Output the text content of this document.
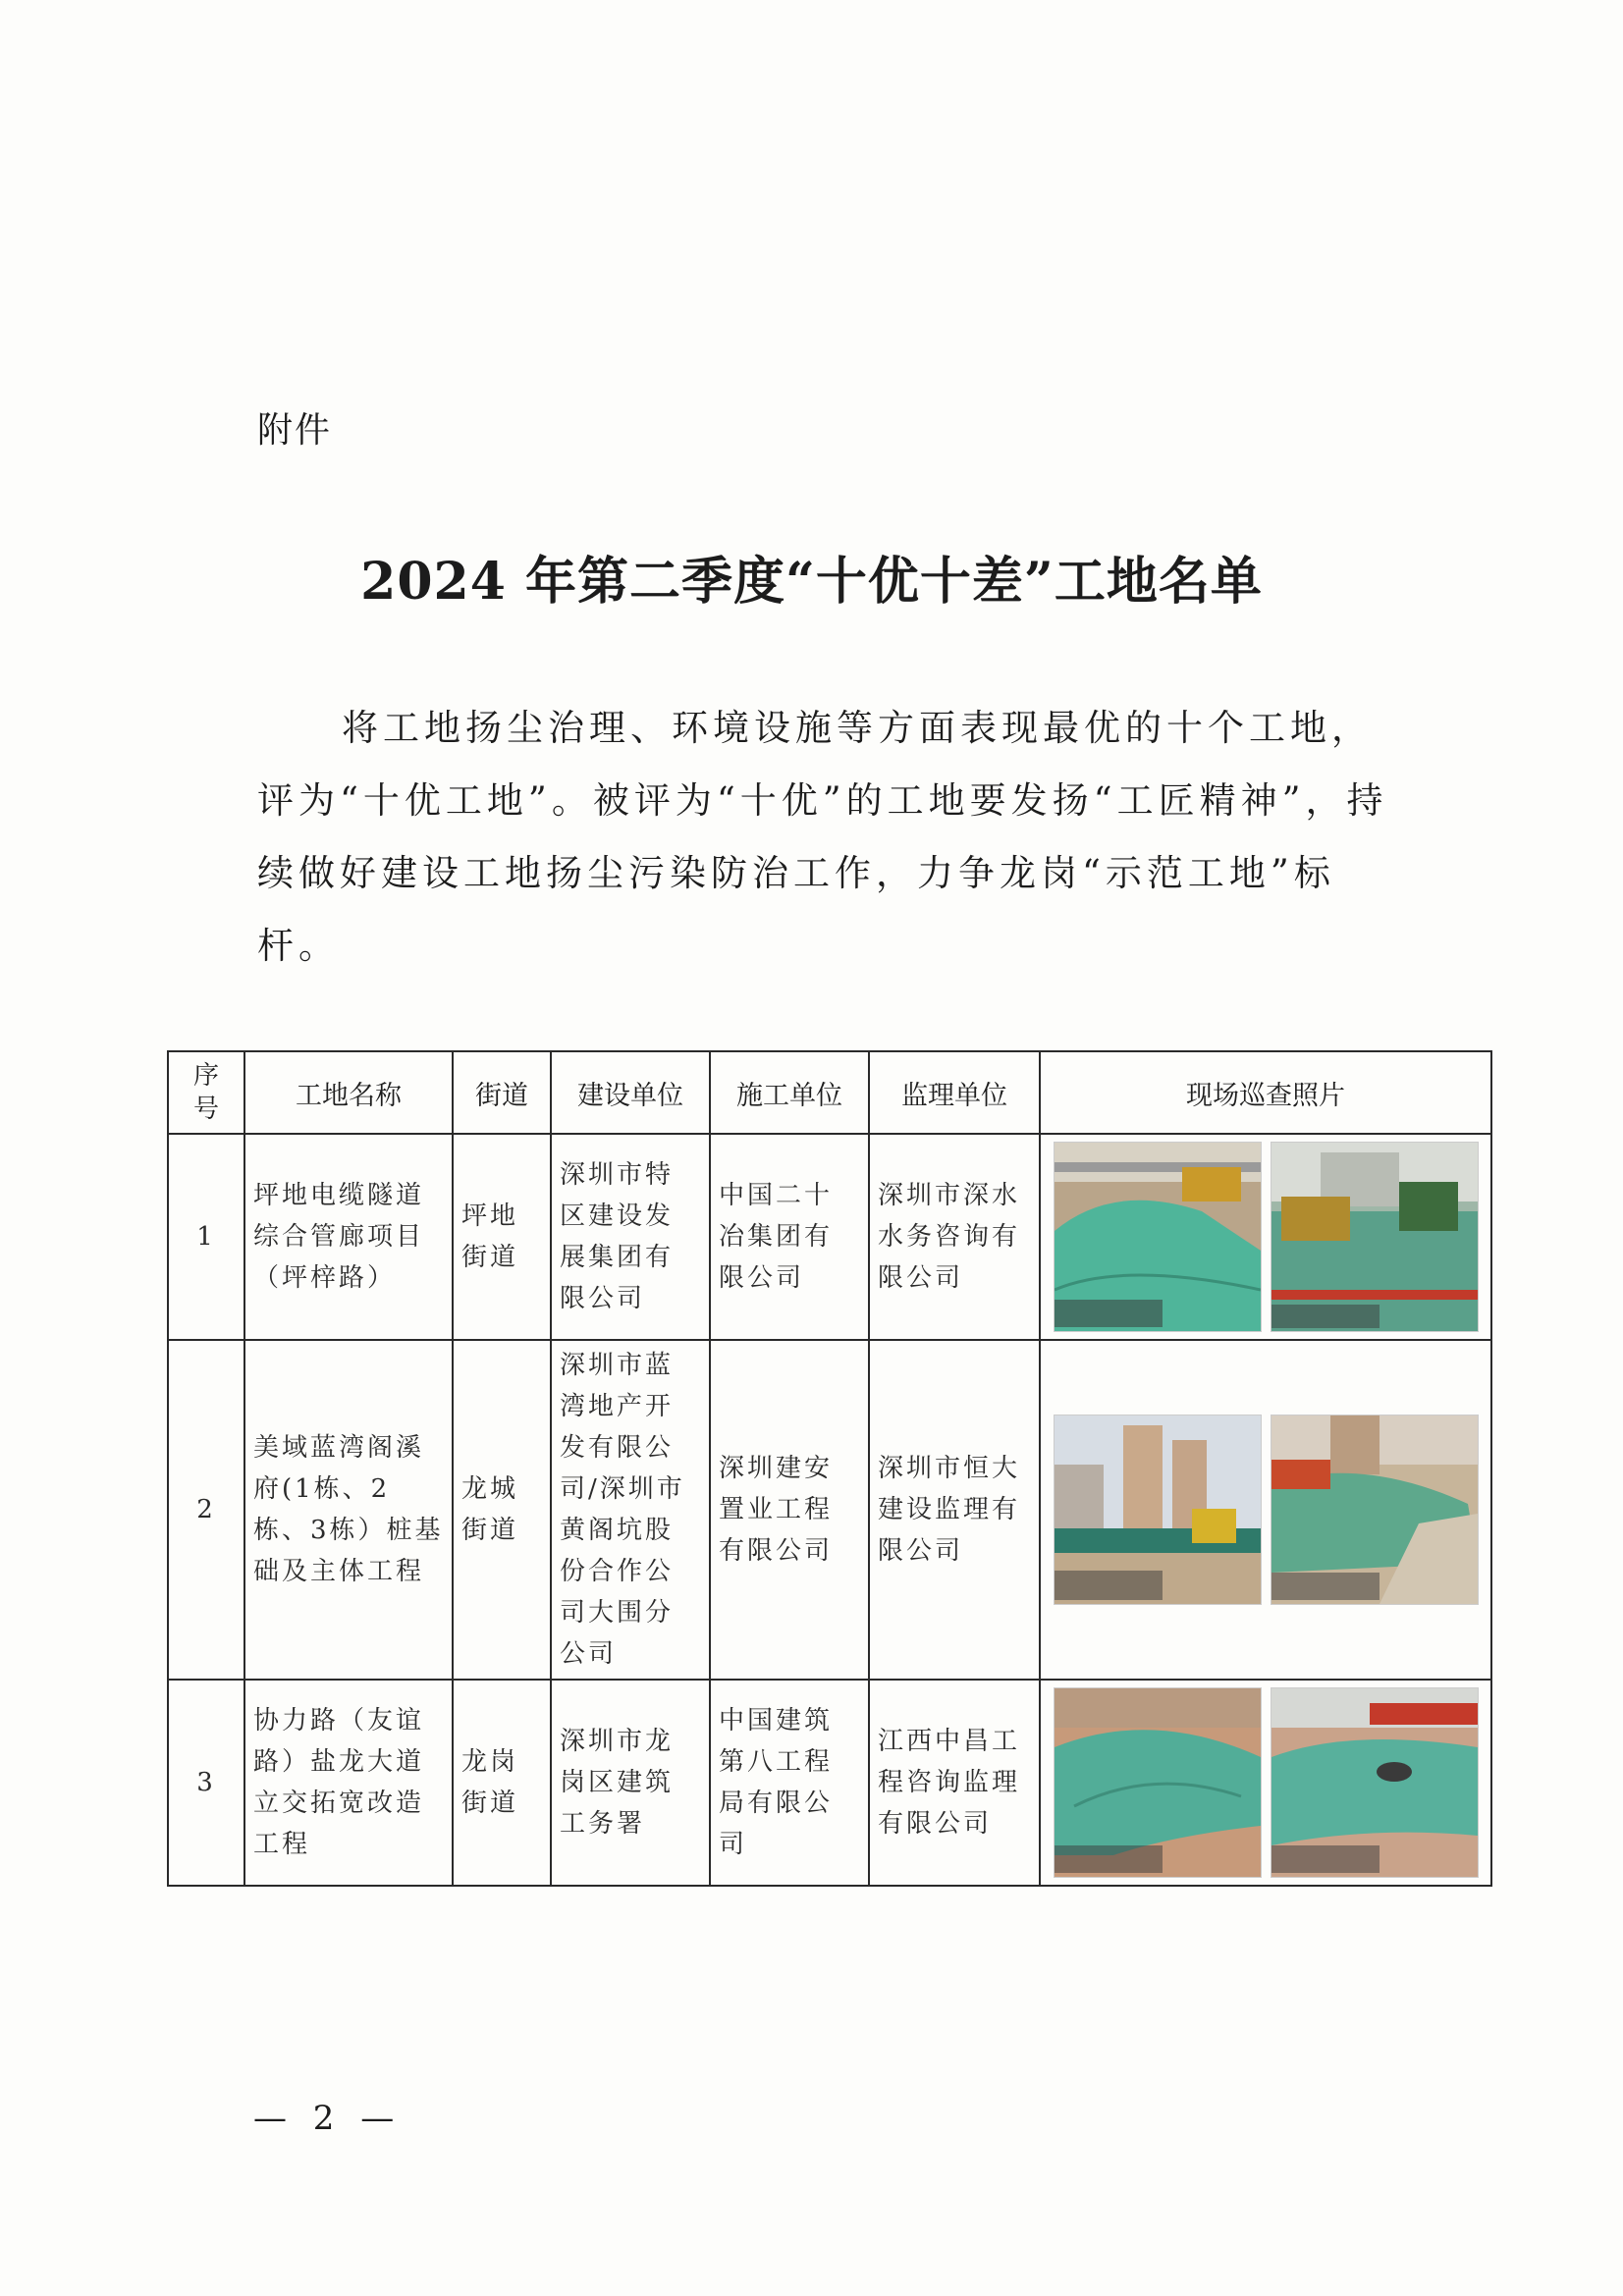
附件
2024 年第二季度“十优十差”工地名单

将工地扬尘治理、环境设施等方面表现最优的十个工地，评为“十优工地”。被评为“十优”的工地要发扬“工匠精神”，持续做好建设工地扬尘污染防治工作，力争龙岗“示范工地”标杆。

序号	工地名称	街道	建设单位	施工单位	监理单位	现场巡查照片
1	坪地电缆隧道综合管廊项目（坪梓路）	坪地街道	深圳市特区建设发展集团有限公司	中国二十冶集团有限公司	深圳市深水水务咨询有限公司	

2	美域蓝湾阁溪府(1栋、2栋、3栋）桩基础及主体工程	龙城街道	深圳市蓝湾地产开发有限公司/深圳市黄阁坑股份合作公司大围分公司	深圳建安置业工程有限公司	深圳市恒大建设监理有限公司	

3	协力路（友谊路）盐龙大道立交拓宽改造工程	龙岗街道	深圳市龙岗区建筑工务署	中国建筑第八工程局有限公司	江西中昌工程咨询监理有限公司	
— 2 —
